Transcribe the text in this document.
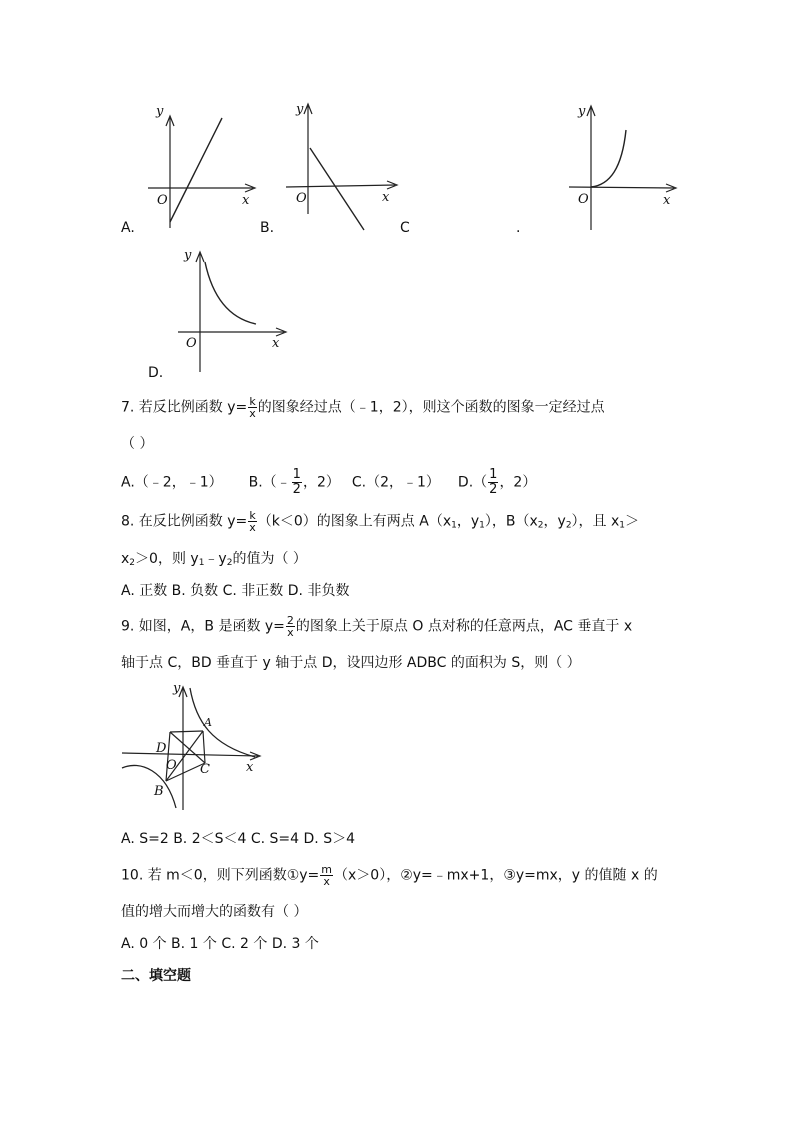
y
O	x
y
O	x
y
O	x
y
O	x
A.	B.	C	.
D.
7. 若反比例函数 $y= \frac{k}{x}$ 的图象经过点（﹣1，2），则这个函数的图象一定经过点
（ ）
A.（﹣2，﹣1） B.（﹣ $\frac{1}{2}$ ，2） C.（2，﹣1） $D.( \frac{1}{2}$ ，2）
8. 在反比例函数 $y= \frac{k}{x} (k<0)$的图象上有两点 $A(x_1$，$y_1$），$B(x_2$，$y_2$），且 $x_1>$
$x_2>0$，则 $y_1﹣y_2$的值为（ ）
A. 正数 B. 负数 C. 非正数 D. 非负数
9. 如图，A，B 是函数 $y= \frac{2}{x}$ 的图象上关于原点 O 点对称的任意两点，AC 垂直于 x
轴于点 C，BD 垂直于 y 轴于点 D，设四边形 ADBC 的面积为 S，则（ ）
y
x
A
D
O C
B
A. S=2 B. 2＜S＜4 C. S=4 D. S＞4
10. 若 m＜0，则下列函数①y= $\frac{m}{x} (x>0)$，②y=﹣mx+1，③y=mx，y 的值随 x 的
值的增大而增大的函数有（ ）
A. 0 个 B. 1 个 C. 2 个 D. 3 个
二、填空题
